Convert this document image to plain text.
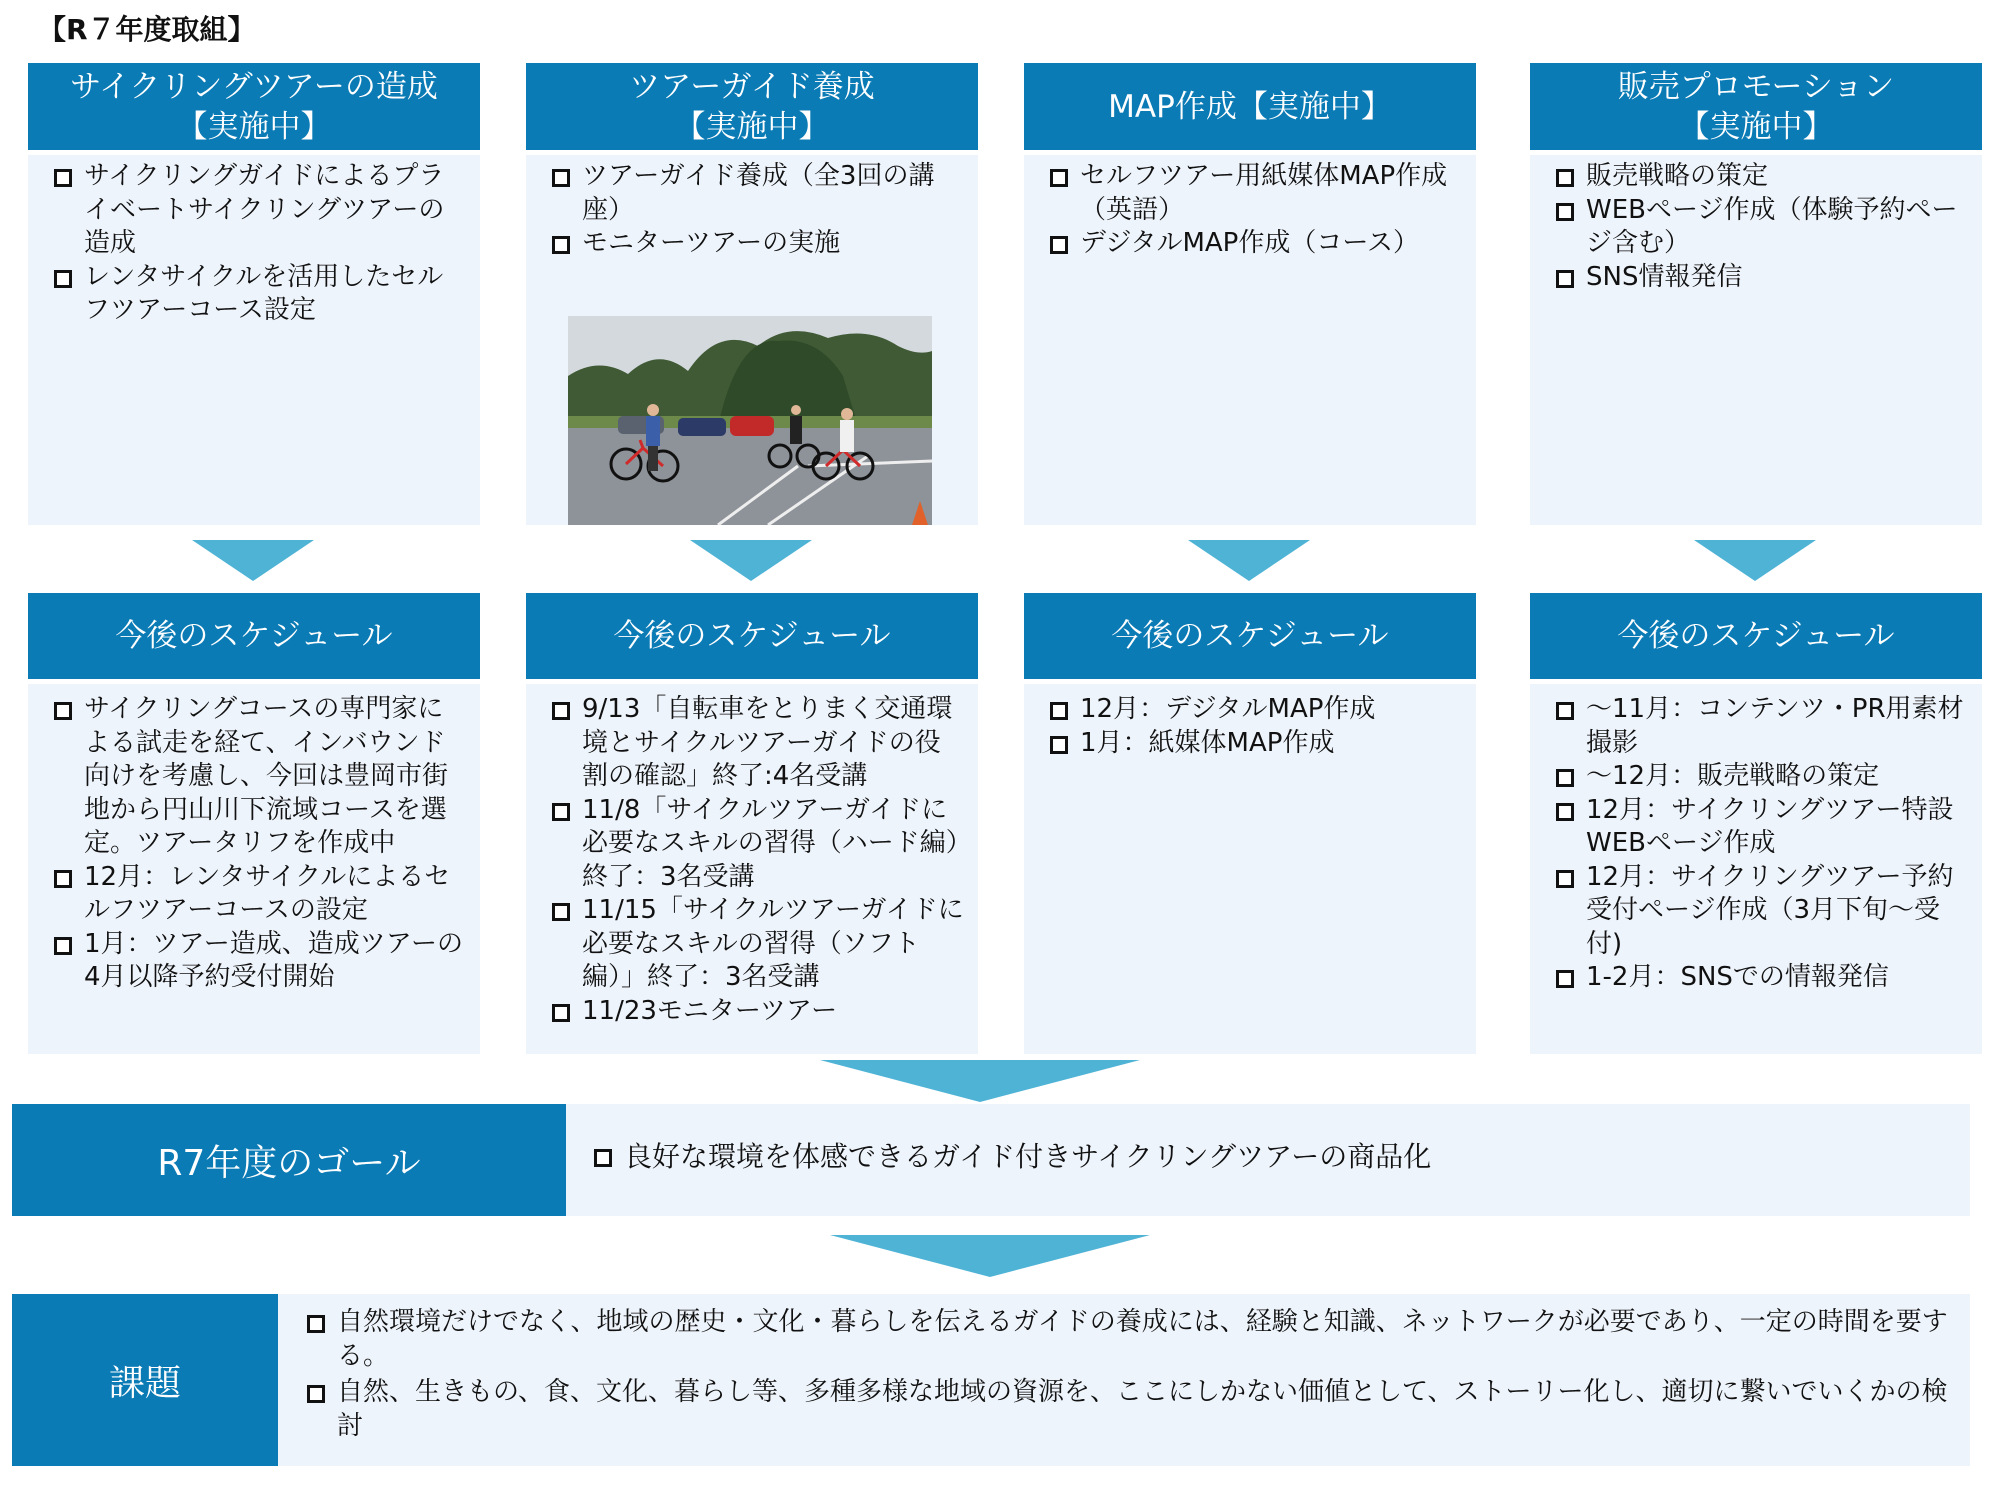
【R７年度取組】
サイクリングツアーの造成
【実施中】
サイクリングガイドによるプライベートサイクリングツアーの造成
レンタサイクルを活用したセルフツアーコース設定
今後のスケジュール
サイクリングコースの専門家による試走を経て、インバウンド向けを考慮し、今回は豊岡市街地から円山川下流域コースを選定。ツアータリフを作成中
12月：レンタサイクルによるセルフツアーコースの設定
1月：ツアー造成、造成ツアーの4月以降予約受付開始
ツアーガイド養成
【実施中】
ツアーガイド養成（全3回の講座）
モニターツアーの実施
今後のスケジュール
9/13「自転車をとりまく交通環境とサイクルツアーガイドの役割の確認」終了:4名受講
11/8「サイクルツアーガイドに必要なスキルの習得（ハード編）終了：3名受講
11/15「サイクルツアーガイドに必要なスキルの習得（ソフト編）」終了：3名受講
11/23モニターツアー
MAP作成【実施中】
セルフツアー用紙媒体MAP作成（英語）
デジタルMAP作成（コース）
今後のスケジュール
12月：デジタルMAP作成
1月：紙媒体MAP作成
販売プロモーション
【実施中】
販売戦略の策定
WEBページ作成（体験予約ページ含む）
SNS情報発信
今後のスケジュール
～11月：コンテンツ・PR用素材撮影
～12月：販売戦略の策定
12月：サイクリングツアー特設WEBページ作成
12月：サイクリングツアー予約受付ページ作成（3月下旬～受付)
1-2月：SNSでの情報発信
R7年度のゴール	良好な環境を体感できるガイド付きサイクリングツアーの商品化
課題
自然環境だけでなく、地域の歴史・文化・暮らしを伝えるガイドの養成には、経験と知識、ネットワークが必要であり、一定の時間を要する。
自然、生きもの、食、文化、暮らし等、多種多様な地域の資源を、ここにしかない価値として、ストーリー化し、適切に繋いでいくかの検討
